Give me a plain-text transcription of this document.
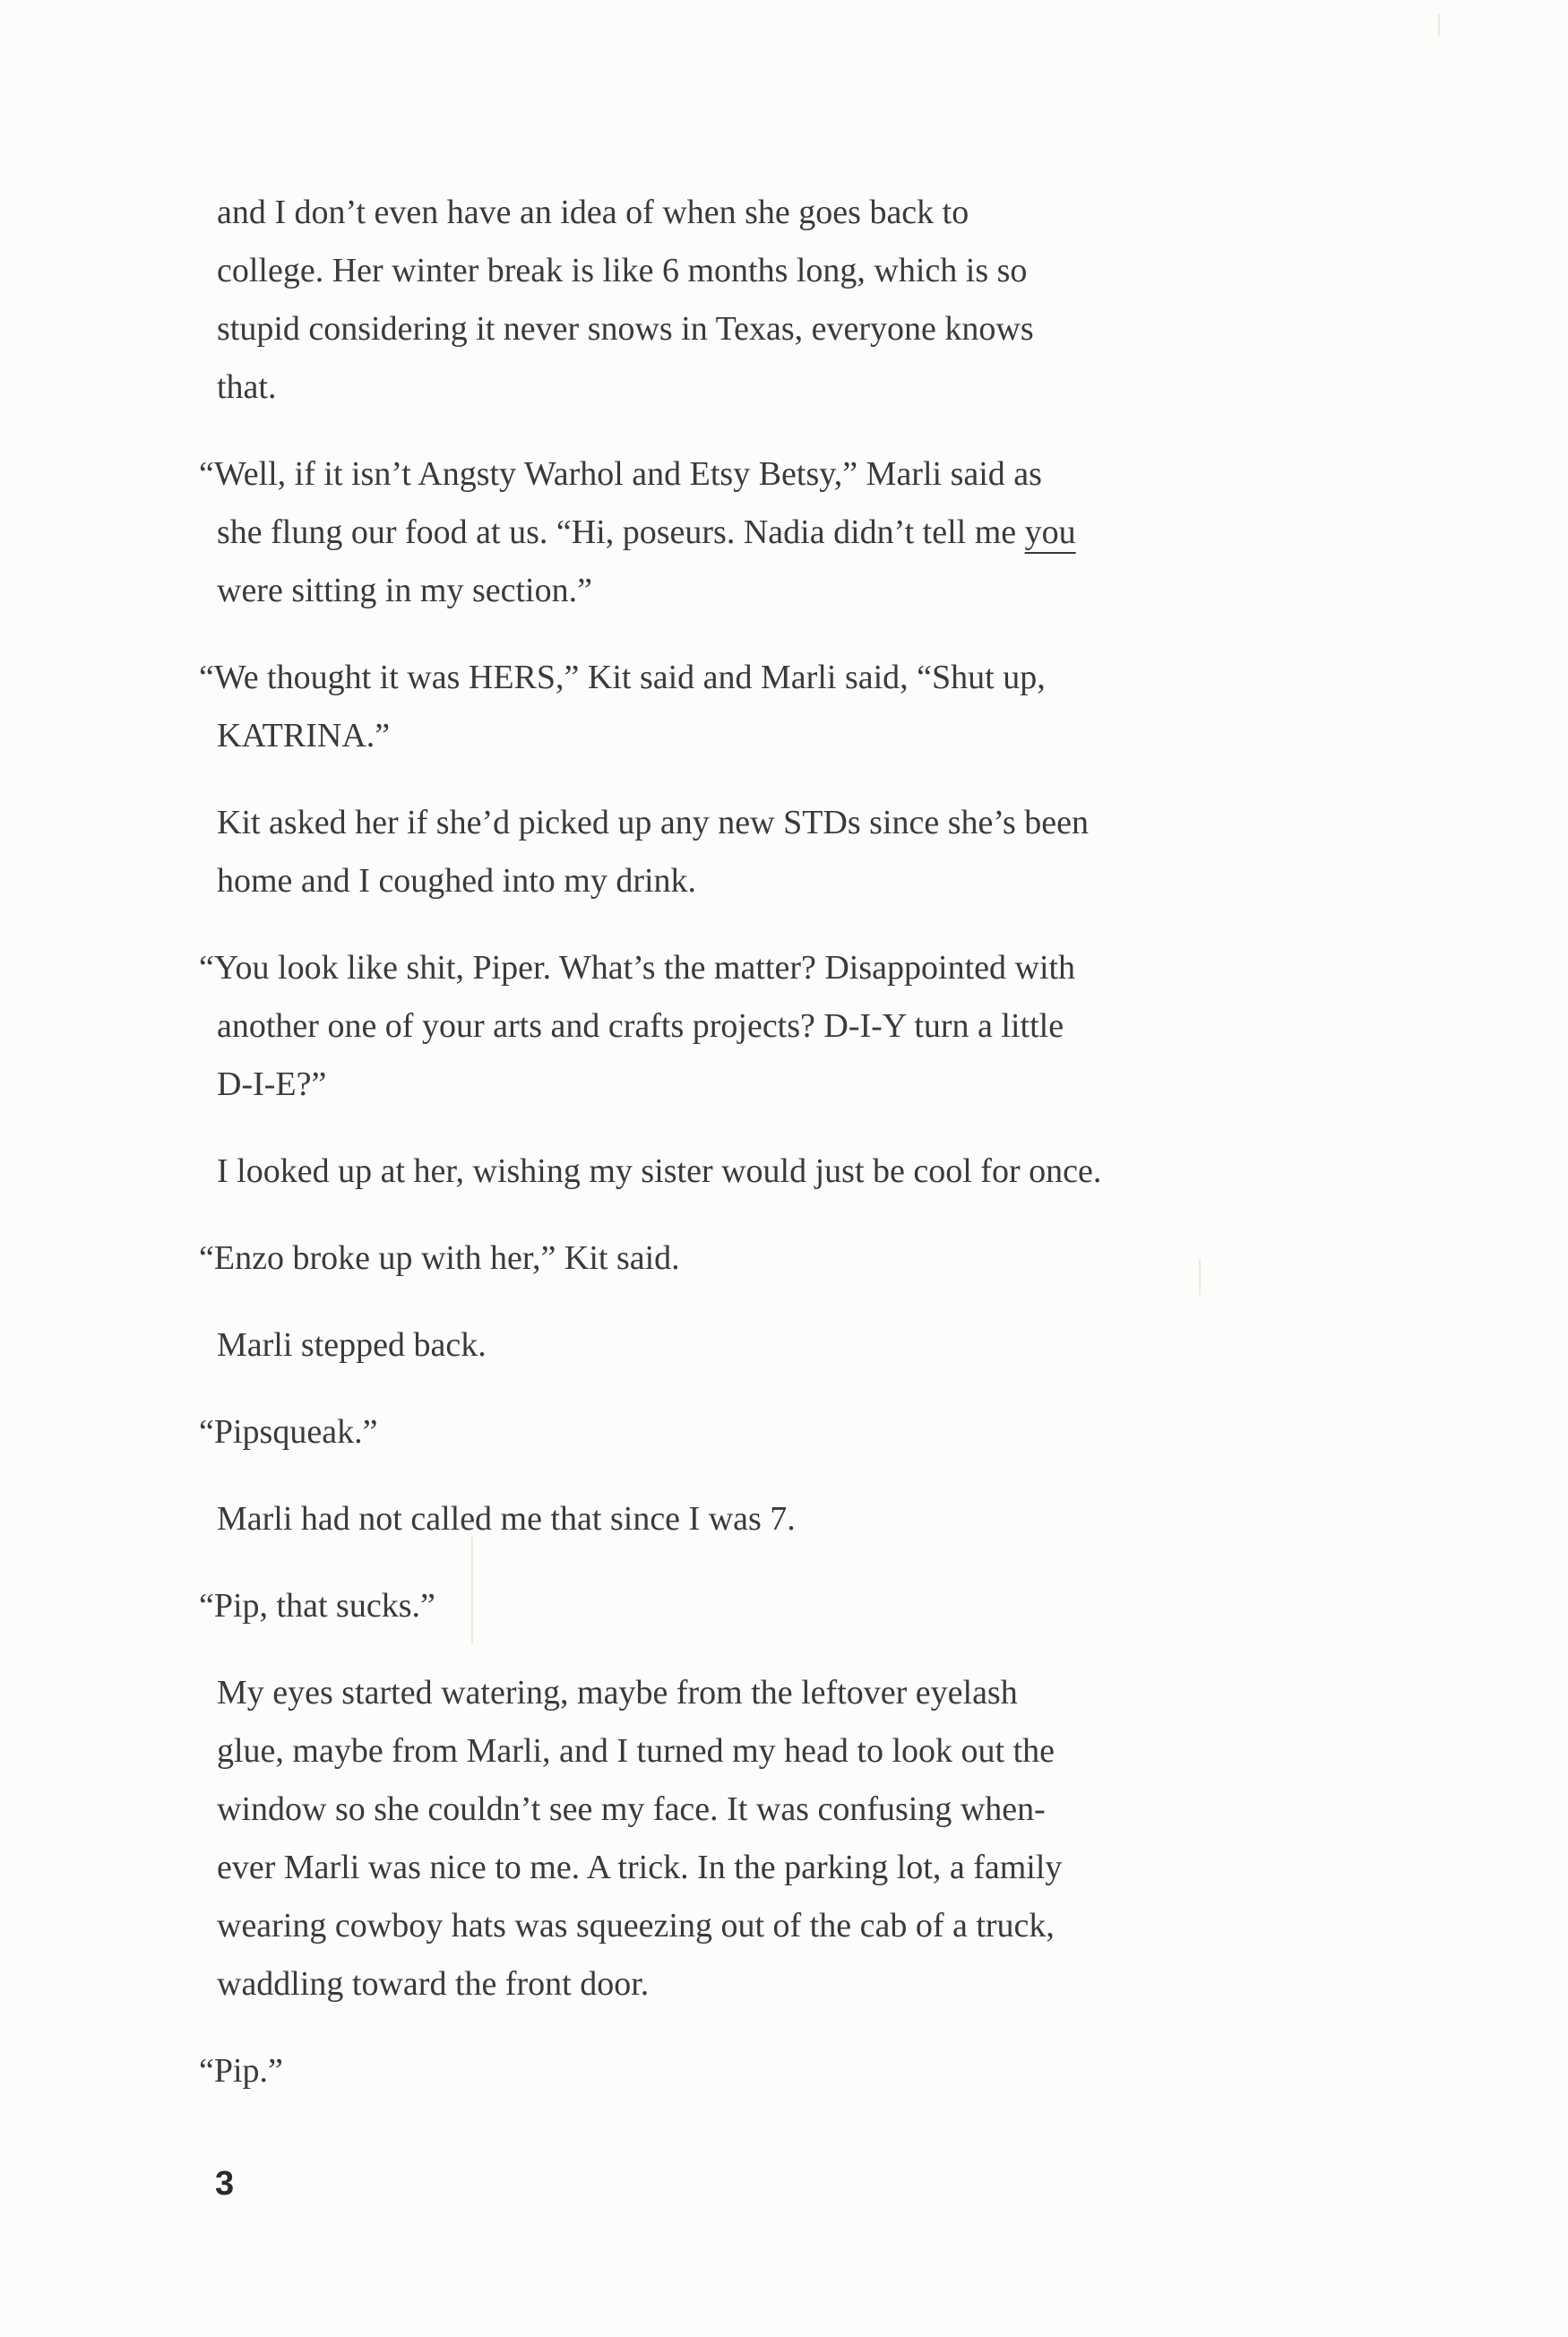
and I don’t even have an idea of when she goes back to
college. Her winter break is like 6 months long, which is so
stupid considering it never snows in Texas, everyone knows
that.

“Well, if it isn’t Angsty Warhol and Etsy Betsy,” Marli said as
she flung our food at us. “Hi, poseurs. Nadia didn’t tell me you
were sitting in my section.”

“We thought it was HERS,” Kit said and Marli said, “Shut up,
KATRINA.”

Kit asked her if she’d picked up any new STDs since she’s been
home and I coughed into my drink.

“You look like shit, Piper. What’s the matter? Disappointed with
another one of your arts and crafts projects? D-I-Y turn a little
D-I-E?”

I looked up at her, wishing my sister would just be cool for once.

“Enzo broke up with her,” Kit said.

Marli stepped back.

“Pipsqueak.”

Marli had not called me that since I was 7.

“Pip, that sucks.”

My eyes started watering, maybe from the leftover eyelash
glue, maybe from Marli, and I turned my head to look out the
window so she couldn’t see my face. It was confusing when-
ever Marli was nice to me. A trick. In the parking lot, a family
wearing cowboy hats was squeezing out of the cab of a truck,
waddling toward the front door.

“Pip.”

3
